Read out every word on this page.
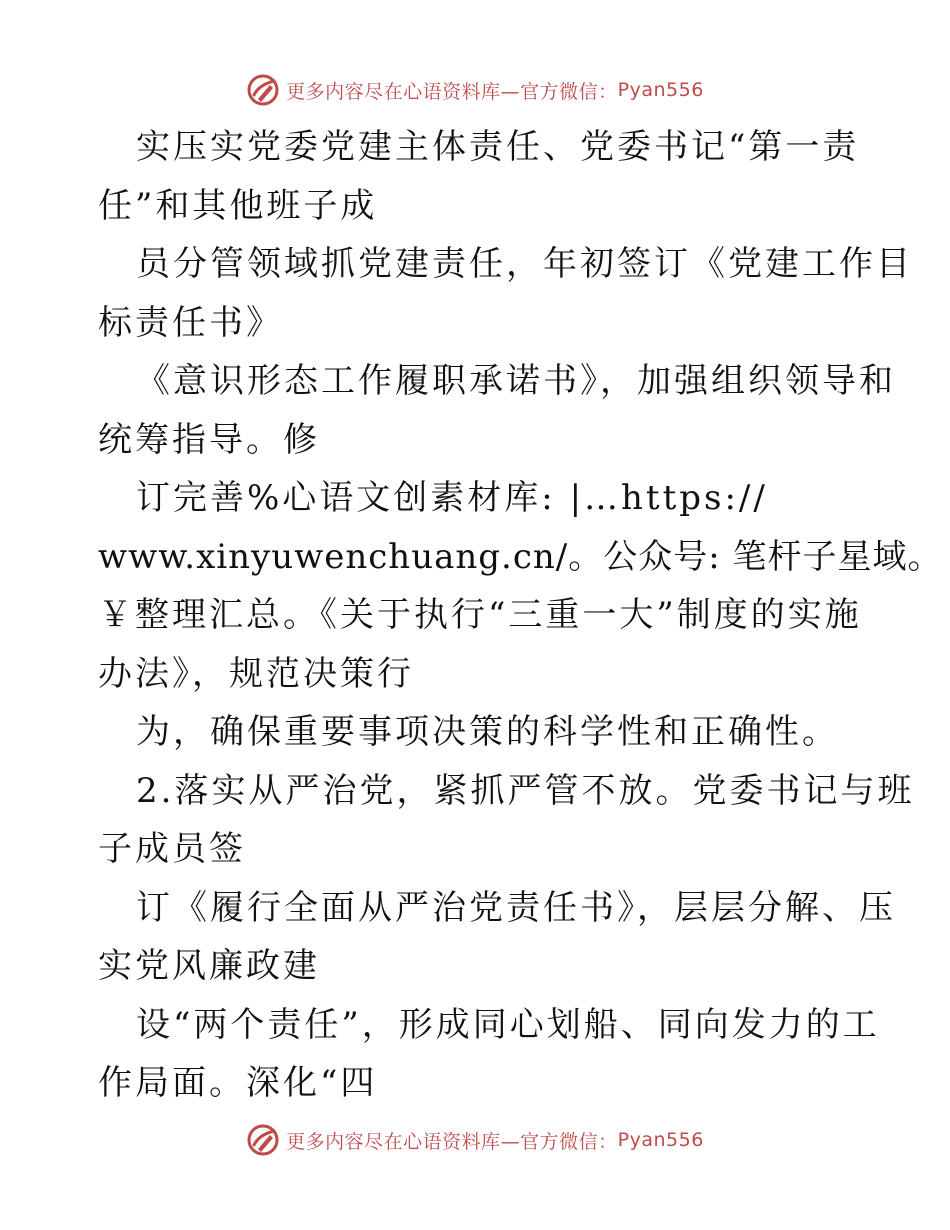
更多内容尽在心语资料库—官方微信： Pyan556
实压实党委党建主体责任、党委书记“第一责
任”和其他班子成
员分管领域抓党建责任，年初签订《党建工作目
标责任书》
《意识形态工作履职承诺书》，加强组织领导和
统筹指导。修
订完善%心语文创素材库: |…https://
www.xinyuwenchuang.cn/。公众号: 笔杆子星域。
￥整理汇总。《关于执行“三重一大”制度的实施
办法》，规范决策行
为，确保重要事项决策的科学性和正确性。
2.落实从严治党，紧抓严管不放。党委书记与班
子成员签
订《履行全面从严治党责任书》，层层分解、压
实党风廉政建
设“两个责任”，形成同心划船、同向发力的工
作局面。深化“四
更多内容尽在心语资料库—官方微信： Pyan556
